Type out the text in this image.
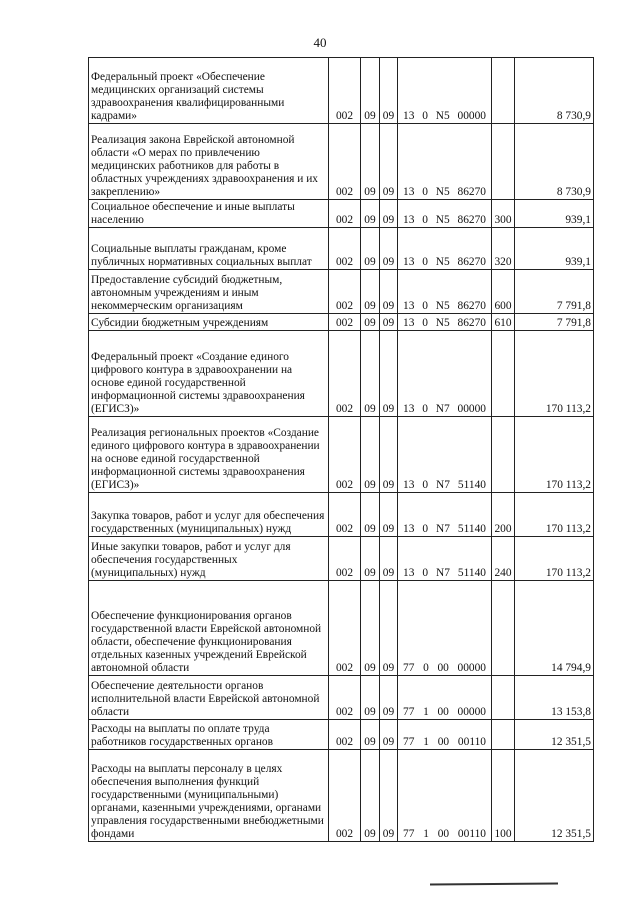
40
Федеральный проект «Обеспечение медицинских организаций системы здравоохранения квалифицированными кадрами»	002	09	09	13 0 N5 00000		8 730,9
Реализация закона Еврейской автономной области «О мерах по привлечению медицинских работников для работы в областных учреждениях здравоохранения и их закреплению»	002	09	09	13 0 N5 86270		8 730,9
Социальное обеспечение и иные выплаты населению	002	09	09	13 0 N5 86270	300	939,1
Социальные выплаты гражданам, кроме публичных нормативных социальных выплат	002	09	09	13 0 N5 86270	320	939,1
Предоставление субсидий бюджетным, автономным учреждениям и иным некоммерческим организациям	002	09	09	13 0 N5 86270	600	7 791,8
Субсидии бюджетным учреждениям	002	09	09	13 0 N5 86270	610	7 791,8
Федеральный проект «Создание единого цифрового контура в здравоохранении на основе единой государственной информационной системы здравоохранения (ЕГИСЗ)»	002	09	09	13 0 N7 00000		170 113,2
Реализация региональных проектов «Создание единого цифрового контура в здравоохранении на основе единой государственной информационной системы здравоохранения (ЕГИСЗ)»	002	09	09	13 0 N7 51140		170 113,2
Закупка товаров, работ и услуг для обеспечения государственных (муниципальных) нужд	002	09	09	13 0 N7 51140	200	170 113,2
Иные закупки товаров, работ и услуг для обеспечения государственных (муниципальных) нужд	002	09	09	13 0 N7 51140	240	170 113,2
Обеспечение функционирования органов государственной власти Еврейской автономной области, обеспечение функционирования отдельных казенных учреждений Еврейской автономной области	002	09	09	77 0 00 00000		14 794,9
Обеспечение деятельности органов исполнительной власти Еврейской автономной области	002	09	09	77 1 00 00000		13 153,8
Расходы на выплаты по оплате труда работников государственных органов	002	09	09	77 1 00 00110		12 351,5
Расходы на выплаты персоналу в целях обеспечения выполнения функций государственными (муниципальными) органами, казенными учреждениями, органами управления государственными внебюджетными фондами	002	09	09	77 1 00 00110	100	12 351,5
